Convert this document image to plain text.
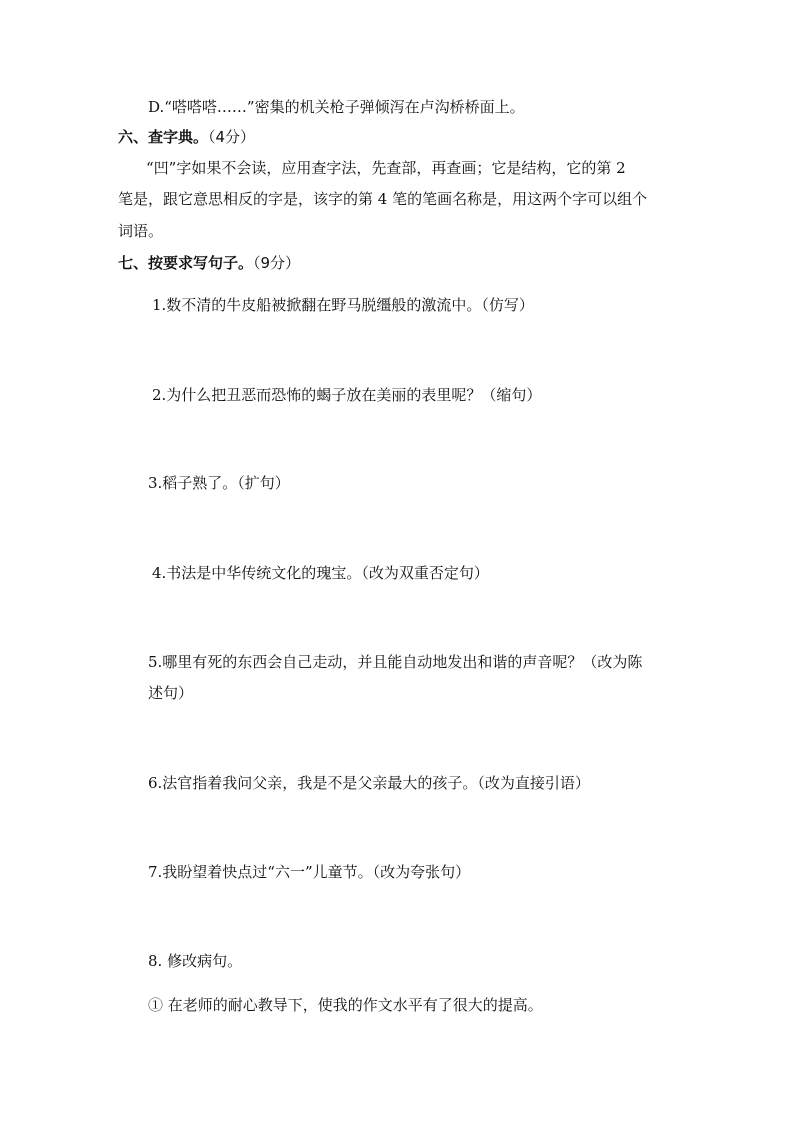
D.“嗒嗒嗒……”密集的机关枪子弹倾泻在卢沟桥桥面上。
六、查字典。（4分）
“凹”字如果不会读，应用查字法，先查部，再查画；它是结构，它的第 2
笔是，跟它意思相反的字是，该字的第 4 笔的笔画名称是，用这两个字可以组个
词语。
七、按要求写句子。（9分）
1.数不清的牛皮船被掀翻在野马脱缰般的激流中。（仿写）
2.为什么把丑恶而恐怖的蝎子放在美丽的表里呢？（缩句）
3.稻子熟了。（扩句）
4.书法是中华传统文化的瑰宝。（改为双重否定句）
5.哪里有死的东西会自己走动，并且能自动地发出和谐的声音呢？（改为陈
述句）
6.法官指着我问父亲，我是不是父亲最大的孩子。（改为直接引语）
7.我盼望着快点过“六一”儿童节。（改为夸张句）
8. 修改病句。
① 在老师的耐心教导下，使我的作文水平有了很大的提高。
